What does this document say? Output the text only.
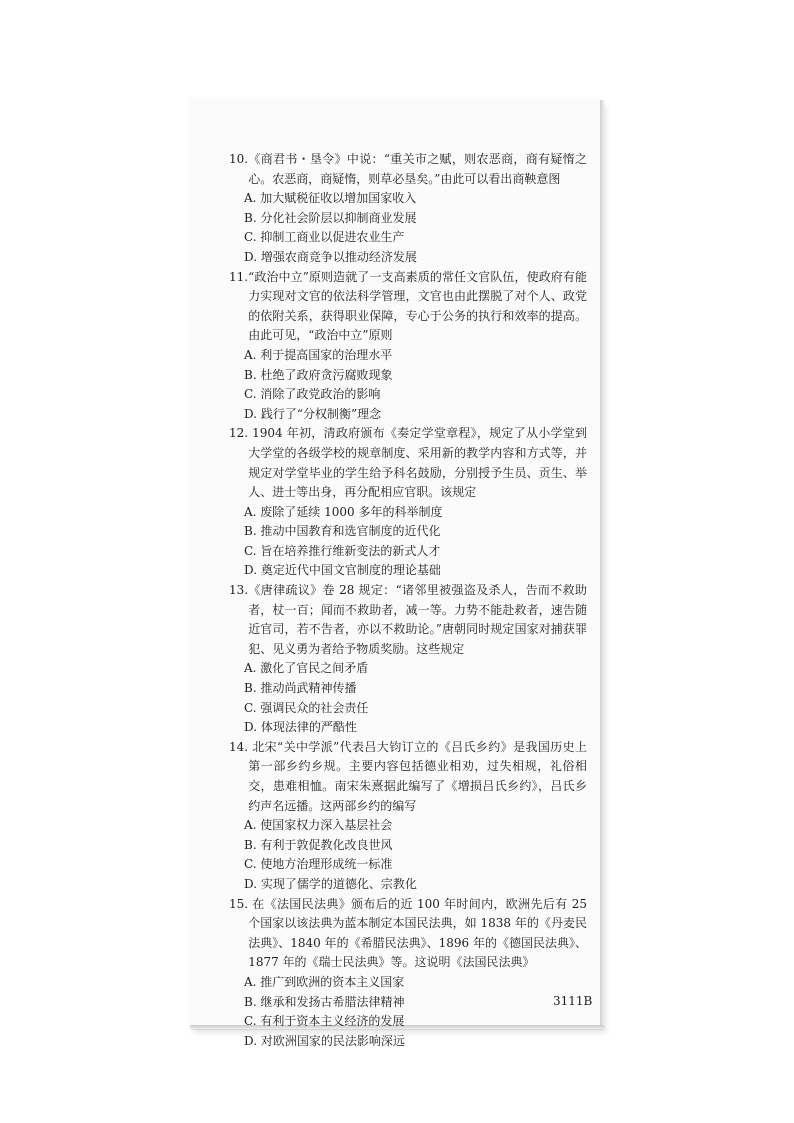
10.《商君书・垦令》中说：“重关市之赋，则农恶商，商有疑惰之心。农恶商，商疑惰，则草必垦矣。”由此可以看出商鞅意图

A. 加大赋税征收以增加国家收入

B. 分化社会阶层以抑制商业发展

C. 抑制工商业以促进农业生产

D. 增强农商竞争以推动经济发展

11.“政治中立”原则造就了一支高素质的常任文官队伍，使政府有能力实现对文官的依法科学管理，文官也由此摆脱了对个人、政党的依附关系，获得职业保障，专心于公务的执行和效率的提高。由此可见，“政治中立”原则

A. 利于提高国家的治理水平

B. 杜绝了政府贪污腐败现象

C. 消除了政党政治的影响

D. 践行了“分权制衡”理念

12. 1904 年初，清政府颁布《奏定学堂章程》，规定了从小学堂到大学堂的各级学校的规章制度、采用新的教学内容和方式等，并规定对学堂毕业的学生给予科名鼓励，分别授予生员、贡生、举人、进士等出身，再分配相应官职。该规定

A. 废除了延续 1000 多年的科举制度

B. 推动中国教育和选官制度的近代化

C. 旨在培养推行维新变法的新式人才

D. 奠定近代中国文官制度的理论基础

13.《唐律疏议》卷 28 规定：“诸邻里被强盗及杀人，告而不救助者，杖一百；闻而不救助者，减一等。力势不能赴救者，速告随近官司，若不告者，亦以不救助论。”唐朝同时规定国家对捕获罪犯、见义勇为者给予物质奖励。这些规定

A. 激化了官民之间矛盾

B. 推动尚武精神传播

C. 强调民众的社会责任

D. 体现法律的严酷性

14. 北宋“关中学派”代表吕大钧订立的《吕氏乡约》是我国历史上第一部乡约乡规。主要内容包括德业相劝，过失相规，礼俗相交，患难相恤。南宋朱熹据此编写了《增损吕氏乡约》，吕氏乡约声名远播。这两部乡约的编写

A. 使国家权力深入基层社会

B. 有利于敦促教化改良世风

C. 使地方治理形成统一标准

D. 实现了儒学的道德化、宗教化

15. 在《法国民法典》颁布后的近 100 年时间内，欧洲先后有 25 个国家以该法典为蓝本制定本国民法典，如 1838 年的《丹麦民法典》、1840 年的《希腊民法典》、1896 年的《德国民法典》、1877 年的《瑞士民法典》等。这说明《法国民法典》

A. 推广到欧洲的资本主义国家

B. 继承和发扬古希腊法律精神

C. 有利于资本主义经济的发展

D. 对欧洲国家的民法影响深远

3111B
